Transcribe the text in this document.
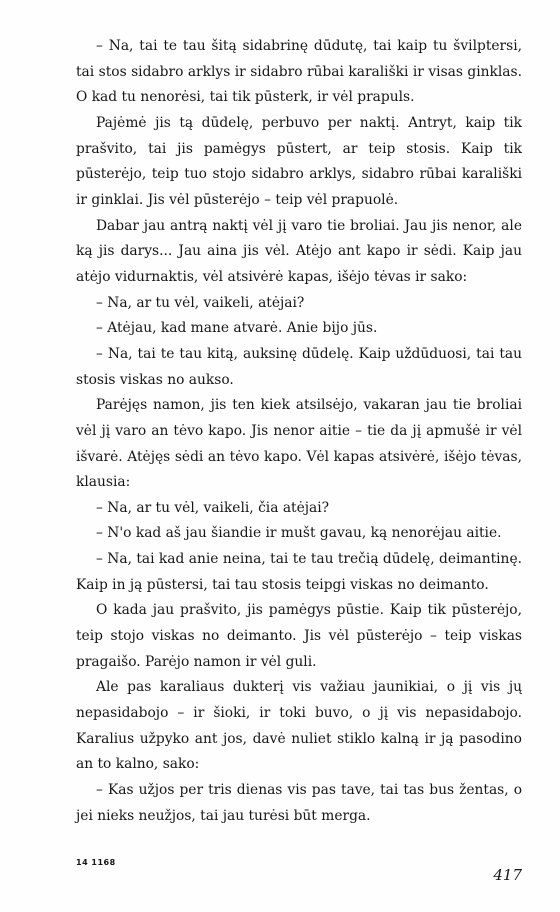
– Na, tai te tau šitą sidabrinę dūdutę, tai kaip tu švilptersi, tai stos sidabro arklys ir sidabro rūbai karališki ir visas ginklas. O kad tu nenorėsi, tai tik pūsterk, ir vėl prapuls.

Pajėmė jis tą dūdelę, perbuvo per naktį. Antryt, kaip tik prašvito, tai jis pamėgys pūstert, ar teip stosis. Kaip tik pūsterėjo, teip tuo stojo sidabro arklys, sidabro rūbai karališki ir ginklai. Jis vėl pūsterėjo – teip vėl prapuolė.

Dabar jau antrą naktį vėl jį varo tie broliai. Jau jis nenor, ale ką jis darys... Jau aina jis vėl. Atėjo ant kapo ir sėdi. Kaip jau atėjo vidurnaktis, vėl atsivėrė kapas, išėjo tėvas ir sako:

– Na, ar tu vėl, vaikeli, atėjai?

– Atėjau, kad mane atvarė. Anie bijo jūs.

– Na, tai te tau kitą, auksinę dūdelę. Kaip uždūduosi, tai tau stosis viskas no aukso.

Parėjęs namon, jis ten kiek atsilsėjo, vakaran jau tie broliai vėl jį varo an tėvo kapo. Jis nenor aitie – tie da jį apmušė ir vėl išvarė. Atėjęs sėdi an tėvo kapo. Vėl kapas atsivėrė, išėjo tėvas, klausia:

– Na, ar tu vėl, vaikeli, čia atėjai?

– N'o kad aš jau šiandie ir mušt gavau, ką nenorėjau aitie.

– Na, tai kad anie neina, tai te tau trečią dūdelę, deimantinę. Kaip in ją pūstersi, tai tau stosis teipgi viskas no deimanto.

O kada jau prašvito, jis pamėgys pūstie. Kaip tik pūsterėjo, teip stojo viskas no deimanto. Jis vėl pūsterėjo – teip viskas pragaišo. Parėjo namon ir vėl guli.

Ale pas karaliaus dukterį vis važiau jaunikiai, o jį vis jų nepasidabojo – ir šioki, ir toki buvo, o jį vis nepasidabojo. Karalius užpyko ant jos, davė nuliet stiklo kalną ir ją pasodino an to kalno, sako:

– Kas užjos per tris dienas vis pas tave, tai tas bus žentas, o jei nieks neužjos, tai jau turėsi būt merga.

14 1168
417
